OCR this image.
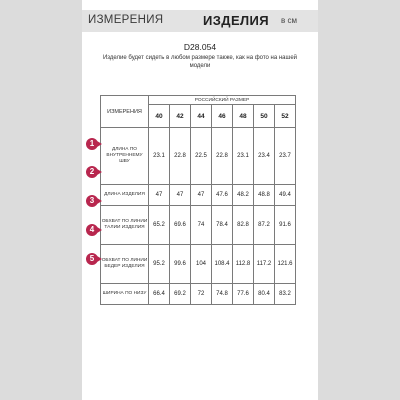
ИЗМЕРЕНИЯ	ИЗДЕЛИЯ в см
D28.054
Изделие будет сидеть в любом размере также, как на фото на нашей модели
ИЗМЕРЕНИЯ	РОССИЙСКИЙ РАЗМЕР						
	40	42	44	46	48	50	52
ДЛИНА ПО ВНУТРЕННЕМУ ШВУ	23.1	22.8	22.5	22.8	23.1	23.4	23.7
ДЛИНА ИЗДЕЛИЯ	47	47	47	47.6	48.2	48.8	49.4
ОБХВАТ ПО ЛИНИИ ТАЛИИ ИЗДЕЛИЯ	65.2	69.6	74	78.4	82.8	87.2	91.6
ОБХВАТ ПО ЛИНИИ БЕДЕР ИЗДЕЛИЯ	95.2	99.6	104	108.4	112.8	117.2	121.6
ШИРИНА ПО НИЗУ	66.4	69.2	72	74.8	77.6	80.4	83.2
1
2
3
4
5
